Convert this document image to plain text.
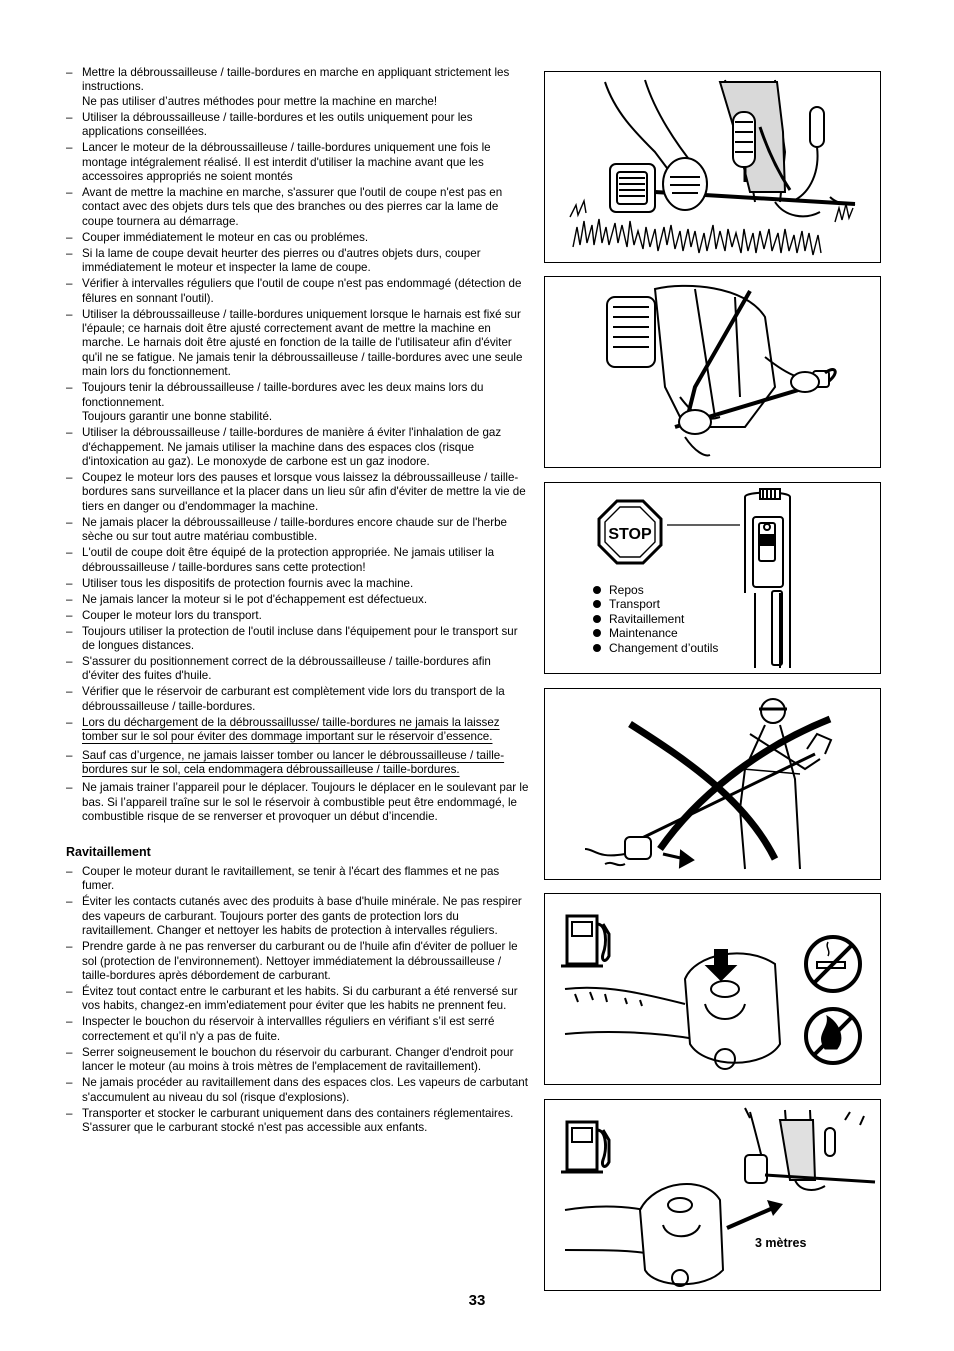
– Mettre la débroussailleuse / taille-bordures en marche en appliquant strictement les instructions.

Ne pas utiliser d’autres méthodes pour mettre la machine en marche!

– Utiliser la débroussailleuse / taille-bordures et les outils uniquement pour les applications conseillées.

– Lancer le moteur de la débroussailleuse / taille-bordures uniquement une fois le montage intégralement réalisé. Il est interdit d'utiliser la machine avant que les accessoires appropriés ne soient montés

– Avant de mettre la machine en marche, s'assurer que l'outil de coupe n'est pas en contact avec des objets durs tels que des branches ou des pierres car la lame de coupe tournera au démarrage.

– Couper immédiatement le moteur en cas ou problémes.

– Si la lame de coupe devait heurter des pierres ou d'autres objets durs, couper immédiatement le moteur et inspecter la lame de coupe.

– Vérifier à intervalles réguliers que l'outil de coupe n'est pas endommagé (détection de fêlures en sonnant l'outil).

– Utiliser la débroussailleuse / taille-bordures uniquement lorsque le harnais est fixé sur l'épaule; ce harnais doit être ajusté correctement avant de mettre la machine en marche. Le harnais doit être ajusté en fonction de la taille de l'utilisateur afin d'éviter qu'il ne se fatigue. Ne jamais tenir la débroussailleuse / taille-bordures avec une seule main lors du fonctionnement.

– Toujours tenir la débroussailleuse / taille-bordures avec les deux mains lors du fonctionnement.

Toujours garantir une bonne stabilité.

– Utiliser la débroussailleuse / taille-bordures de manière á éviter l'inhalation de gaz d'échappement. Ne jamais utiliser la machine dans des espaces clos (risque d'intoxication au gaz). Le monoxyde de carbone est un gaz inodore.

– Coupez le moteur lors des pauses et lorsque vous laissez la débroussailleuse / taille-bordures sans surveillance et la placer dans un lieu sûr afin d'éviter de mettre la vie de tiers en danger ou d'endommager la machine.

– Ne jamais placer la débroussailleuse / taille-bordures encore chaude sur de l'herbe sèche ou sur tout autre matériau combustible.

– L'outil de coupe doit être équipé de la protection appropriée. Ne jamais utiliser la débroussailleuse / taille-bordures sans cette protection!

– Utiliser tous les dispositifs de protection fournis avec la machine.

– Ne jamais lancer la moteur si le pot d'échappement est défectueux.

– Couper le moteur lors du transport.

– Toujours utiliser la protection de l'outil incluse dans l'équipement pour le transport sur de longues distances.

– S'assurer du positionnement correct de la débroussailleuse / taille-bordures afin d'éviter des fuites d'huile.

– Vérifier que le réservoir de carburant est complètement vide lors du transport de la débroussailleuse / taille-bordures.

– Lors du déchargement de la débroussaillusse/ taille-bordures ne jamais la laissez tomber sur le sol pour éviter des dommage important sur le réservoir d’essence.

– Sauf cas d’urgence, ne jamais laisser tomber ou lancer le débroussailleuse / taille-bordures sur le sol, cela endommagera débroussailleuse / taille-bordures.

– Ne jamais trainer l’appareil pour le déplacer. Toujours le déplacer en le soulevant par le bas. Si l’appareil traîne sur le sol le réservoir à combustible peut être endommagé, le combustible risque de se renverser et provoquer un début d’incendie.

Ravitaillement
– Couper le moteur durant le ravitaillement, se tenir à l'écart des flammes et ne pas fumer.

– Éviter les contacts cutanés avec des produits à base d'huile minérale. Ne pas respirer des vapeurs de carburant. Toujours porter des gants de protection lors du ravitaillement. Changer et nettoyer les habits de protection à intervalles réguliers.

– Prendre garde à ne pas renverser du carburant ou de l'huile afin d'éviter de polluer le sol (protection de l'environnement). Nettoyer immédiatement la débroussailleuse / taille-bordures après débordement de carburant.

– Évitez tout contact entre le carburant et les habits. Si du carburant a été renversé sur vos habits, changez-en imm'ediatement pour éviter que les habits ne prennent feu.

– Inspecter le bouchon du réservoir à intervallles réguliers en vérifiant s’il est serré correctement et qu’il n'y a pas de fuite.

– Serrer soigneusement le bouchon du réservoir du carburant. Changer d'endroit pour lancer le moteur (au moins à trois mètres de l'emplacement de ravitaillement).

– Ne jamais procéder au ravitaillement dans des espaces clos. Les vapeurs de carbutant s'accumulent au niveau du sol (risque d'explosions).

– Transporter et stocker le carburant uniquement dans des containers réglementaires. S'assurer que le carburant stocké n'est pas accessible aux enfants.

STOP
Repos
Transport
Ravitaillement
Maintenance
Changement d’outils
3 mètres
33
